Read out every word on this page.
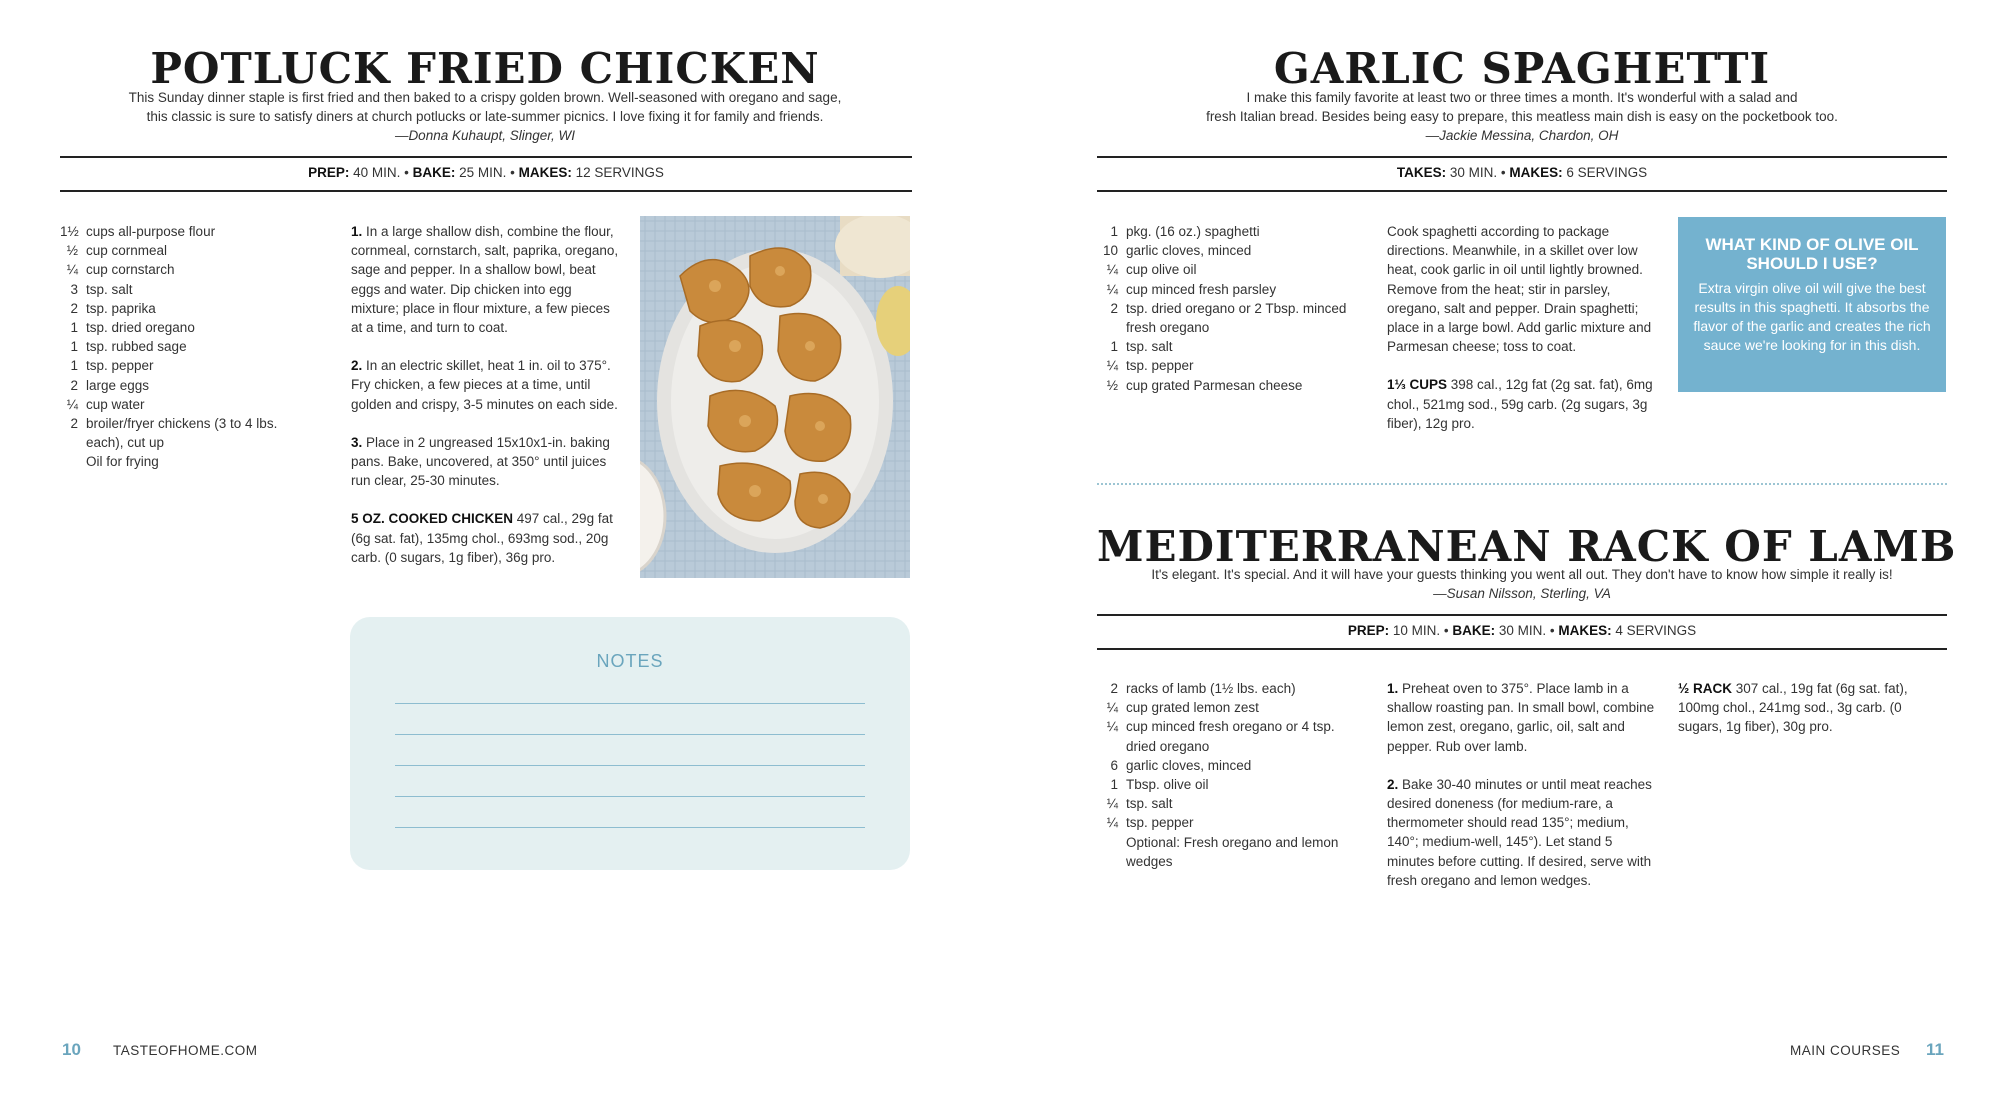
POTLUCK FRIED CHICKEN
This Sunday dinner staple is first fried and then baked to a crispy golden brown. Well-seasoned with oregano and sage,
this classic is sure to satisfy diners at church potlucks or late-summer picnics. I love fixing it for family and friends.
—Donna Kuhaupt, Slinger, WI
PREP: 40 MIN. • BAKE: 25 MIN. • MAKES: 12 SERVINGS
1½ cups all-purpose flour
½ cup cornmeal
¼ cup cornstarch
3 tsp. salt
2 tsp. paprika
1 tsp. dried oregano
1 tsp. rubbed sage
1 tsp. pepper
2 large eggs
¼ cup water
2 broiler/fryer chickens (3 to 4 lbs. each), cut up
Oil for frying

1. In a large shallow dish, combine the flour, cornmeal, cornstarch, salt, paprika, oregano, sage and pepper. In a shallow bowl, beat eggs and water. Dip chicken into egg mixture; place in flour mixture, a few pieces at a time, and turn to coat.

2. In an electric skillet, heat 1 in. oil to 375°. Fry chicken, a few pieces at a time, until golden and crispy, 3-5 minutes on each side.

3. Place in 2 ungreased 15x10x1-in. baking pans. Bake, uncovered, at 350° until juices run clear, 25-30 minutes.

5 OZ. COOKED CHICKEN 497 cal., 29g fat (6g sat. fat), 135mg chol., 693mg sod., 20g carb. (0 sugars, 1g fiber), 36g pro.

NOTES
10 TASTEOFHOME.COM
GARLIC SPAGHETTI
I make this family favorite at least two or three times a month. It's wonderful with a salad and
fresh Italian bread. Besides being easy to prepare, this meatless main dish is easy on the pocketbook too.
—Jackie Messina, Chardon, OH
TAKES: 30 MIN. • MAKES: 6 SERVINGS
1 pkg. (16 oz.) spaghetti
10 garlic cloves, minced
¼ cup olive oil
¼ cup minced fresh parsley
2 tsp. dried oregano or 2 Tbsp. minced fresh oregano
1 tsp. salt
¼ tsp. pepper
½ cup grated Parmesan cheese

Cook spaghetti according to package directions. Meanwhile, in a skillet over low heat, cook garlic in oil until lightly browned. Remove from the heat; stir in parsley, oregano, salt and pepper. Drain spaghetti; place in a large bowl. Add garlic mixture and Parmesan cheese; toss to coat.

1⅓ CUPS 398 cal., 12g fat (2g sat. fat), 6mg chol., 521mg sod., 59g carb. (2g sugars, 3g fiber), 12g pro.

WHAT KIND OF OLIVE OIL SHOULD I USE?
Extra virgin olive oil will give the best results in this spaghetti. It absorbs the flavor of the garlic and creates the rich sauce we're looking for in this dish.
MEDITERRANEAN RACK OF LAMB
It's elegant. It's special. And it will have your guests thinking you went all out. They don't have to know how simple it really is!
—Susan Nilsson, Sterling, VA
PREP: 10 MIN. • BAKE: 30 MIN. • MAKES: 4 SERVINGS
2 racks of lamb (1½ lbs. each)
¼ cup grated lemon zest
¼ cup minced fresh oregano or 4 tsp. dried oregano
6 garlic cloves, minced
1 Tbsp. olive oil
¼ tsp. salt
¼ tsp. pepper
Optional: Fresh oregano and lemon wedges

1. Preheat oven to 375°. Place lamb in a shallow roasting pan. In small bowl, combine lemon zest, oregano, garlic, oil, salt and pepper. Rub over lamb.

2. Bake 30-40 minutes or until meat reaches desired doneness (for medium-rare, a thermometer should read 135°; medium, 140°; medium-well, 145°). Let stand 5 minutes before cutting. If desired, serve with fresh oregano and lemon wedges.

½ RACK 307 cal., 19g fat (6g sat. fat), 100mg chol., 241mg sod., 3g carb. (0 sugars, 1g fiber), 30g pro.
MAIN COURSES 11
